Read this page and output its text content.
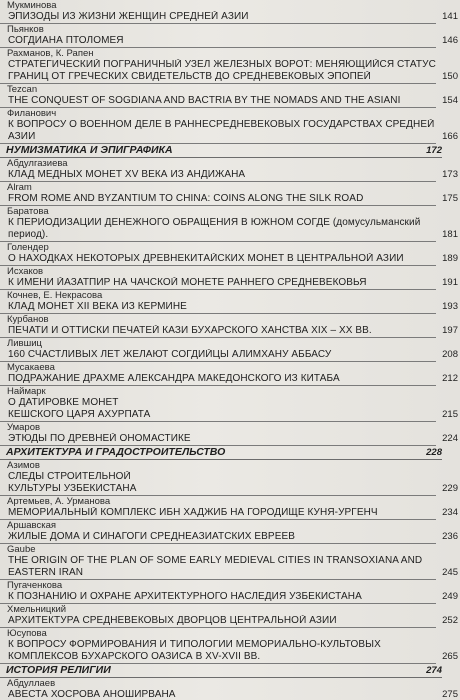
Мукминова
ЭПИЗОДЫ ИЗ ЖИЗНИ ЖЕНЩИН СРЕДНЕЙ АЗИИ	141
Пьянков
СОГДИАНА ПТОЛОМЕЯ	146
Рахманов, К. Рапен
СТРАТЕГИЧЕСКИЙ ПОГРАНИЧНЫЙ УЗЕЛ ЖЕЛЕЗНЫХ ВОРОТ: МЕНЯЮЩИЙСЯ СТАТУС
ГРАНИЦ ОТ ГРЕЧЕСКИХ СВИДЕТЕЛЬСТВ ДО СРЕДНЕВЕКОВЫХ ЭПОПЕЙ	150
Tezcan
THE CONQUEST OF SOGDIANA AND BACTRIA BY THE NOMADS AND THE ASIANI	154
Филанович
К ВОПРОСУ О ВОЕННОМ ДЕЛЕ В РАННЕСРЕДНЕВЕКОВЫХ ГОСУДАРСТВАХ СРЕДНЕЙ
АЗИИ	166
НУМИЗМАТИКА И ЭПИГРАФИКА	172
Абдулгазиева
КЛАД МЕДНЫХ МОНЕТ XV ВЕКА ИЗ АНДИЖАНА	173
Alram
FROM ROME AND BYZANTIUM TO CHINA: COINS ALONG THE SILK ROAD	175
Баратова
К ПЕРИОДИЗАЦИИ ДЕНЕЖНОГО ОБРАЩЕНИЯ В ЮЖНОМ СОГДЕ (домусульманский
период).	181
Голендер
О НАХОДКАХ НЕКОТОРЫХ ДРЕВНЕКИТАЙСКИХ МОНЕТ В ЦЕНТРАЛЬНОЙ АЗИИ	189
Исхаков
К ИМЕНИ ЙАЗАТПИР НА ЧАЧСКОЙ МОНЕТЕ РАННЕГО СРЕДНЕВЕКОВЬЯ	191
Кочнев, Е. Некрасова
КЛАД МОНЕТ XII ВЕКА ИЗ КЕРМИНЕ	193
Курбанов
ПЕЧАТИ И ОТТИСКИ ПЕЧАТЕЙ КАЗИ БУХАРСКОГО ХАНСТВА XIX – XX ВВ.	197
Лившиц
160 СЧАСТЛИВЫХ ЛЕТ ЖЕЛАЮТ СОГДИЙЦЫ АЛИМХАНУ АББАСУ	208
Мусакаева
ПОДРАЖАНИЕ ДРАХМЕ АЛЕКСАНДРА МАКЕДОНСКОГО ИЗ КИТАБА	212
Наймарк
О ДАТИРОВКЕ МОНЕТ
КЕШСКОГО ЦАРЯ АХУРПАТА	215
Умаров
ЭТЮДЫ ПО ДРЕВНЕЙ ОНОМАСТИКЕ	224
АРХИТЕКТУРА И ГРАДОСТРОИТЕЛЬСТВО	228
Азимов
СЛЕДЫ СТРОИТЕЛЬНОЙ
КУЛЬТУРЫ УЗБЕКИСТАНА	229
Артемьев, А. Урманова
МЕМОРИАЛЬНЫЙ КОМПЛЕКС ИБН ХАДЖИБ НА ГОРОДИЩЕ КУНЯ-УРГЕНЧ	234
Аршавская
ЖИЛЫЕ ДОМА И СИНАГОГИ СРЕДНЕАЗИАТСКИХ ЕВРЕЕВ	236
Gaube
THE ORIGIN OF THE PLAN OF SOME EARLY MEDIEVAL CITIES IN TRANSOXIANA AND
EASTERN IRAN	245
Пугаченкова
К ПОЗНАНИЮ И ОХРАНЕ АРХИТЕКТУРНОГО НАСЛЕДИЯ УЗБЕКИСТАНА	249
Хмельницкий
АРХИТЕКТУРА СРЕДНЕВЕКОВЫХ ДВОРЦОВ ЦЕНТРАЛЬНОЙ АЗИИ	252
Юсупова
К ВОПРОСУ ФОРМИРОВАНИЯ И ТИПОЛОГИИ МЕМОРИАЛЬНО-КУЛЬТОВЫХ
КОМПЛЕКСОВ БУХАРСКОГО ОАЗИСА В XV-XVII ВВ.	265
ИСТОРИЯ РЕЛИГИИ	274
Абдуллаев
АВЕСТА ХОСРОВА АНОШИРВАНА	275
